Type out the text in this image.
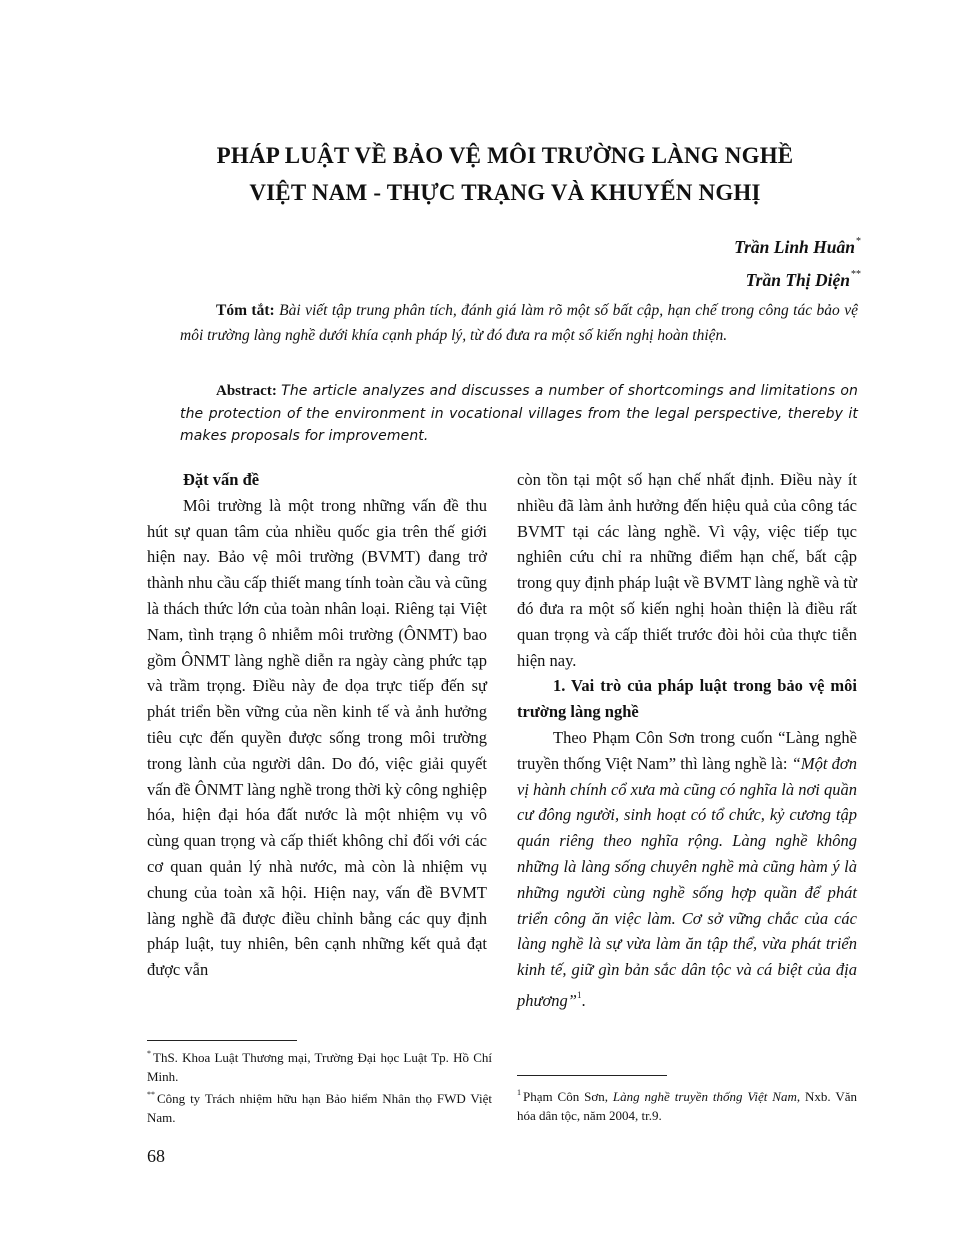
PHÁP LUẬT VỀ BẢO VỆ MÔI TRƯỜNG LÀNG NGHỀ
VIỆT NAM - THỰC TRẠNG VÀ KHUYẾN NGHỊ
Trần Linh Huân*
Trần Thị Diện**
Tóm tắt: Bài viết tập trung phân tích, đánh giá làm rõ một số bất cập, hạn chế trong công tác bảo vệ môi trường làng nghề dưới khía cạnh pháp lý, từ đó đưa ra một số kiến nghị hoàn thiện.
Abstract: The article analyzes and discusses a number of shortcomings and limitations on the protection of the environment in vocational villages from the legal perspective, thereby it makes proposals for improvement.

Đặt vấn đề

Môi trường là một trong những vấn đề thu hút sự quan tâm của nhiều quốc gia trên thế giới hiện nay. Bảo vệ môi trường (BVMT) đang trở thành nhu cầu cấp thiết mang tính toàn cầu và cũng là thách thức lớn của toàn nhân loại. Riêng tại Việt Nam, tình trạng ô nhiễm môi trường (ÔNMT) bao gồm ÔNMT làng nghề diễn ra ngày càng phức tạp và trầm trọng. Điều này đe dọa trực tiếp đến sự phát triển bền vững của nền kinh tế và ảnh hưởng tiêu cực đến quyền được sống trong môi trường trong lành của người dân. Do đó, việc giải quyết vấn đề ÔNMT làng nghề trong thời kỳ công nghiệp hóa, hiện đại hóa đất nước là một nhiệm vụ vô cùng quan trọng và cấp thiết không chỉ đối với các cơ quan quản lý nhà nước, mà còn là nhiệm vụ chung của toàn xã hội. Hiện nay, vấn đề BVMT làng nghề đã được điều chỉnh bằng các quy định pháp luật, tuy nhiên, bên cạnh những kết quả đạt được vẫn

còn tồn tại một số hạn chế nhất định. Điều này ít nhiều đã làm ảnh hưởng đến hiệu quả của công tác BVMT tại các làng nghề. Vì vậy, việc tiếp tục nghiên cứu chỉ ra những điểm hạn chế, bất cập trong quy định pháp luật về BVMT làng nghề và từ đó đưa ra một số kiến nghị hoàn thiện là điều rất quan trọng và cấp thiết trước đòi hỏi của thực tiễn hiện nay.

1. Vai trò của pháp luật trong bảo vệ môi trường làng nghề

Theo Phạm Côn Sơn trong cuốn “Làng nghề truyền thống Việt Nam” thì làng nghề là: “Một đơn vị hành chính cổ xưa mà cũng có nghĩa là nơi quần cư đông người, sinh hoạt có tổ chức, kỷ cương tập quán riêng theo nghĩa rộng. Làng nghề không những là làng sống chuyên nghề mà cũng hàm ý là những người cùng nghề sống hợp quần để phát triển công ăn việc làm. Cơ sở vững chắc của các làng nghề là sự vừa làm ăn tập thể, vừa phát triển kinh tế, giữ gìn bản sắc dân tộc và cá biệt của địa phương”$^1$.

* ThS. Khoa Luật Thương mại, Trường Đại học Luật Tp. Hồ Chí Minh.
** Công ty Trách nhiệm hữu hạn Bảo hiểm Nhân thọ FWD Việt Nam.
$^1$ Phạm Côn Sơn, Làng nghề truyền thống Việt Nam, Nxb. Văn hóa dân tộc, năm 2004, tr.9.
68
